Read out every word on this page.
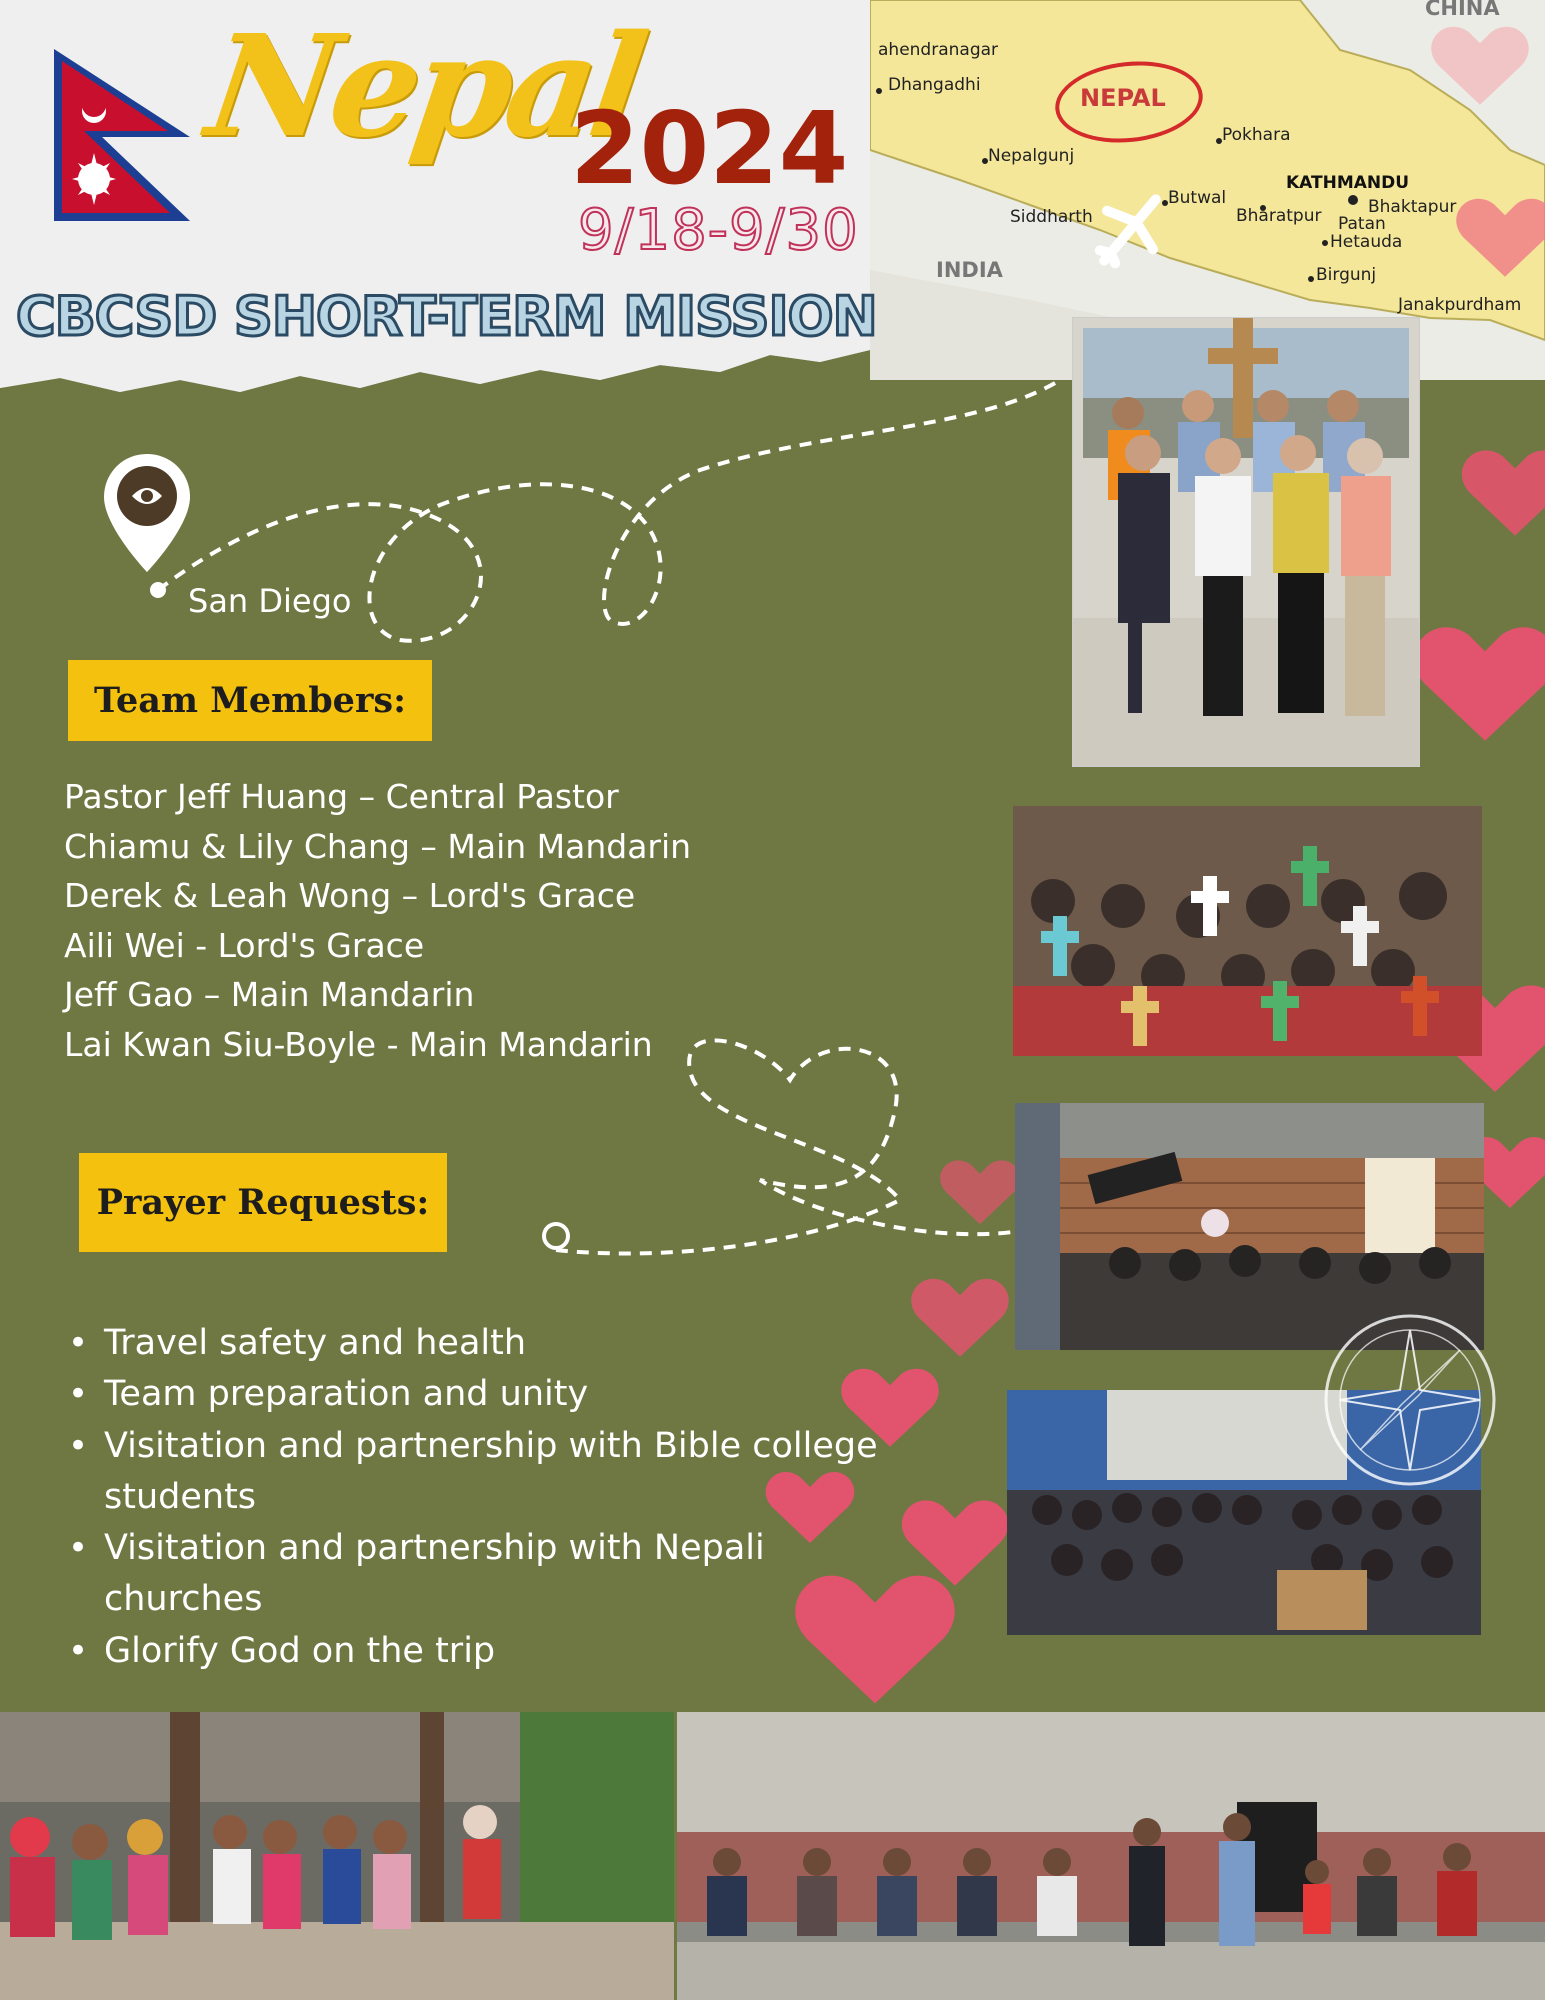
CHINA
ahendranagar
Dhangadhi	NEPAL
Pokhara
Nepalgunj
KATHMANDU
Bhaktapur
Butwal
Siddharth	Bharatpur Patan
Hetauda
INDIA	Birgunj
Janakpurdham
Nepal
2024
9/18-9/30
CBCSD SHORT-TERM MISSION
San Diego
Team Members:
Pastor Jeff Huang – Central Pastor
Chiamu & Lily Chang – Main Mandarin
Derek & Leah Wong – Lord's Grace
Aili Wei - Lord's Grace
Jeff Gao – Main Mandarin
Lai Kwan Siu-Boyle - Main Mandarin
Prayer Requests:
• Travel safety and health
• Team preparation and unity
• Visitation and partnership with Bible college students
• Visitation and partnership with Nepali churches
• Glorify God on the trip
